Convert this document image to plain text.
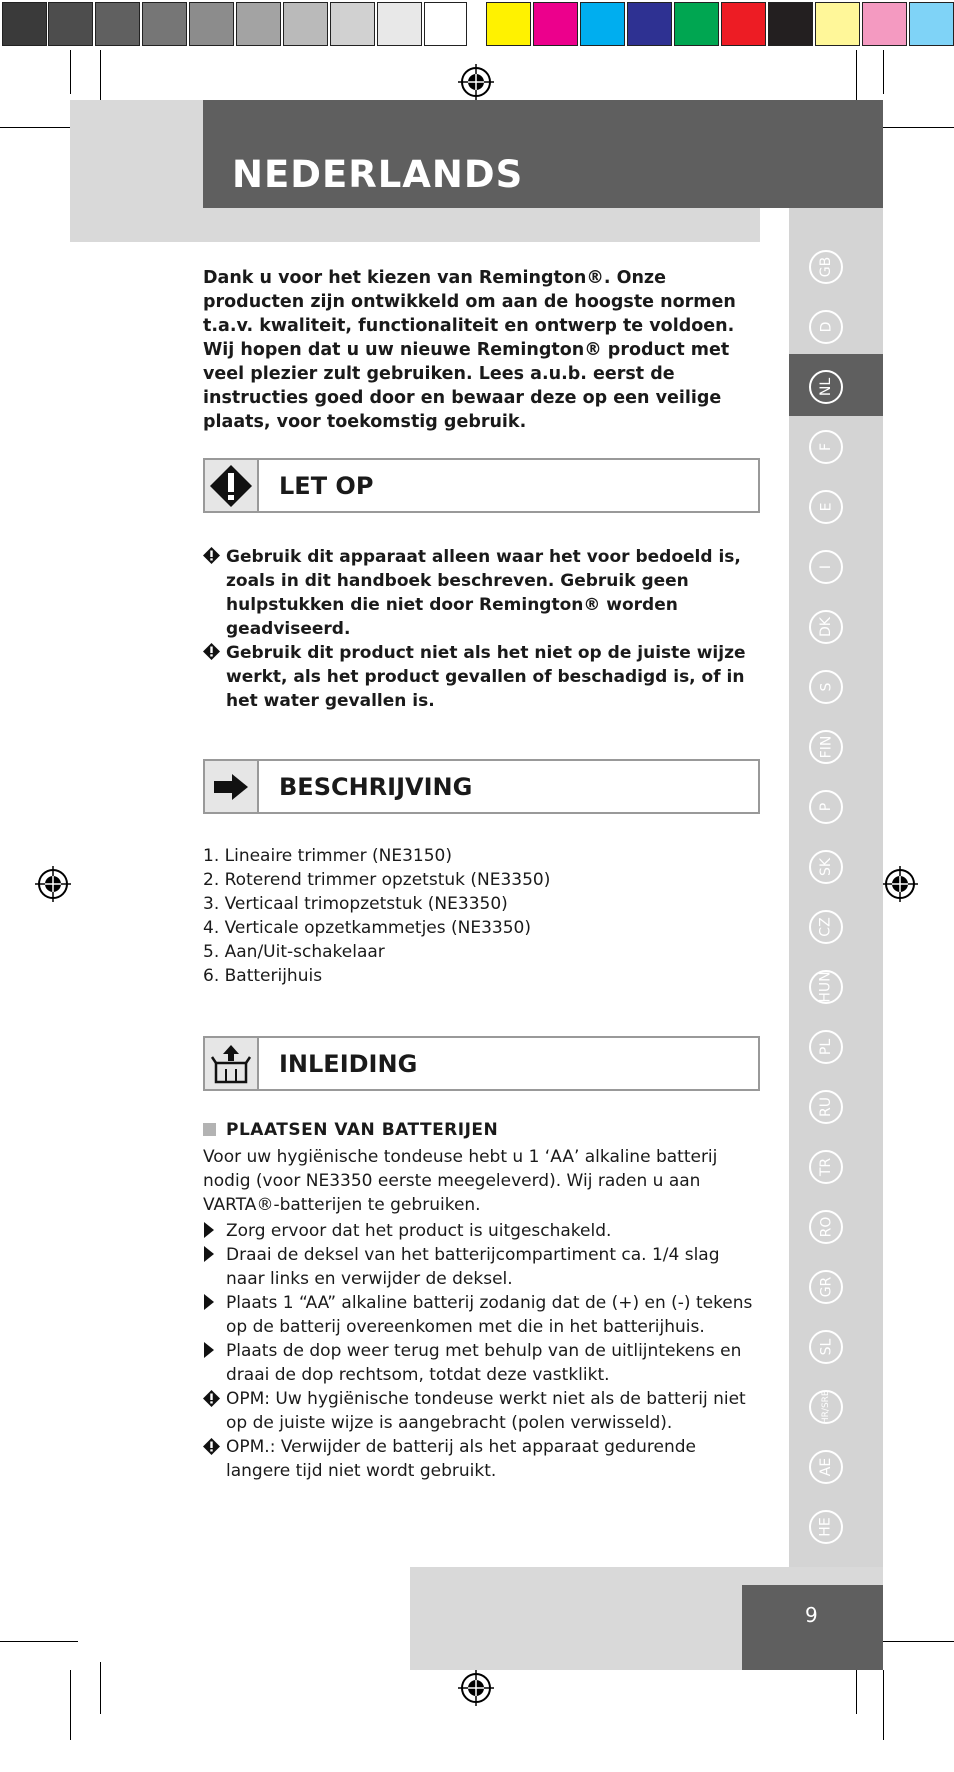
NEDERLANDS
GB
D
NL
F
E
I
DK
S
FIN
P
SK
CZ
HUN
PL
RU
TR
RO
GR
SL
HR/SRB
AE
HE
Dank u voor het kiezen van Remington®. Onze producten zijn ontwikkeld om aan de hoogste normen t.a.v. kwaliteit, functionaliteit en ontwerp te voldoen. Wij hopen dat u uw nieuwe Remington® product met veel plezier zult gebruiken. Lees a.u.b. eerst de instructies goed door en bewaar deze op een veilige plaats, voor toekomstig gebruik.
LET OP
Gebruik dit apparaat alleen waar het voor bedoeld is, zoals in dit handboek beschreven. Gebruik geen hulpstukken die niet door Remington® worden geadviseerd.
Gebruik dit product niet als het niet op de juiste wijze werkt, als het product gevallen of beschadigd is, of in het water gevallen is.
BESCHRIJVING
1. Lineaire trimmer (NE3150)
2. Roterend trimmer opzetstuk (NE3350)
3. Verticaal trimopzetstuk (NE3350)
4. Verticale opzetkammetjes (NE3350)
5. Aan/Uit-schakelaar
6. Batterijhuis
INLEIDING
PLAATSEN VAN BATTERIJEN
Voor uw hygiënische tondeuse hebt u 1 ‘AA’ alkaline batterij nodig (voor NE3350 eerste meegeleverd). Wij raden u aan VARTA®-batterijen te gebruiken.
Zorg ervoor dat het product is uitgeschakeld.
Draai de deksel van het batterijcompartiment ca. 1/4 slag naar links en verwijder de deksel.
Plaats 1 “AA” alkaline batterij zodanig dat de (+) en (-) tekens op de batterij overeenkomen met die in het batterijhuis.
Plaats de dop weer terug met behulp van de uitlijntekens en draai de dop rechtsom, totdat deze vastklikt.
OPM: Uw hygiënische tondeuse werkt niet als de batterij niet op de juiste wijze is aangebracht (polen verwisseld).
OPM.: Verwijder de batterij als het apparaat gedurende langere tijd niet wordt gebruikt.
9
